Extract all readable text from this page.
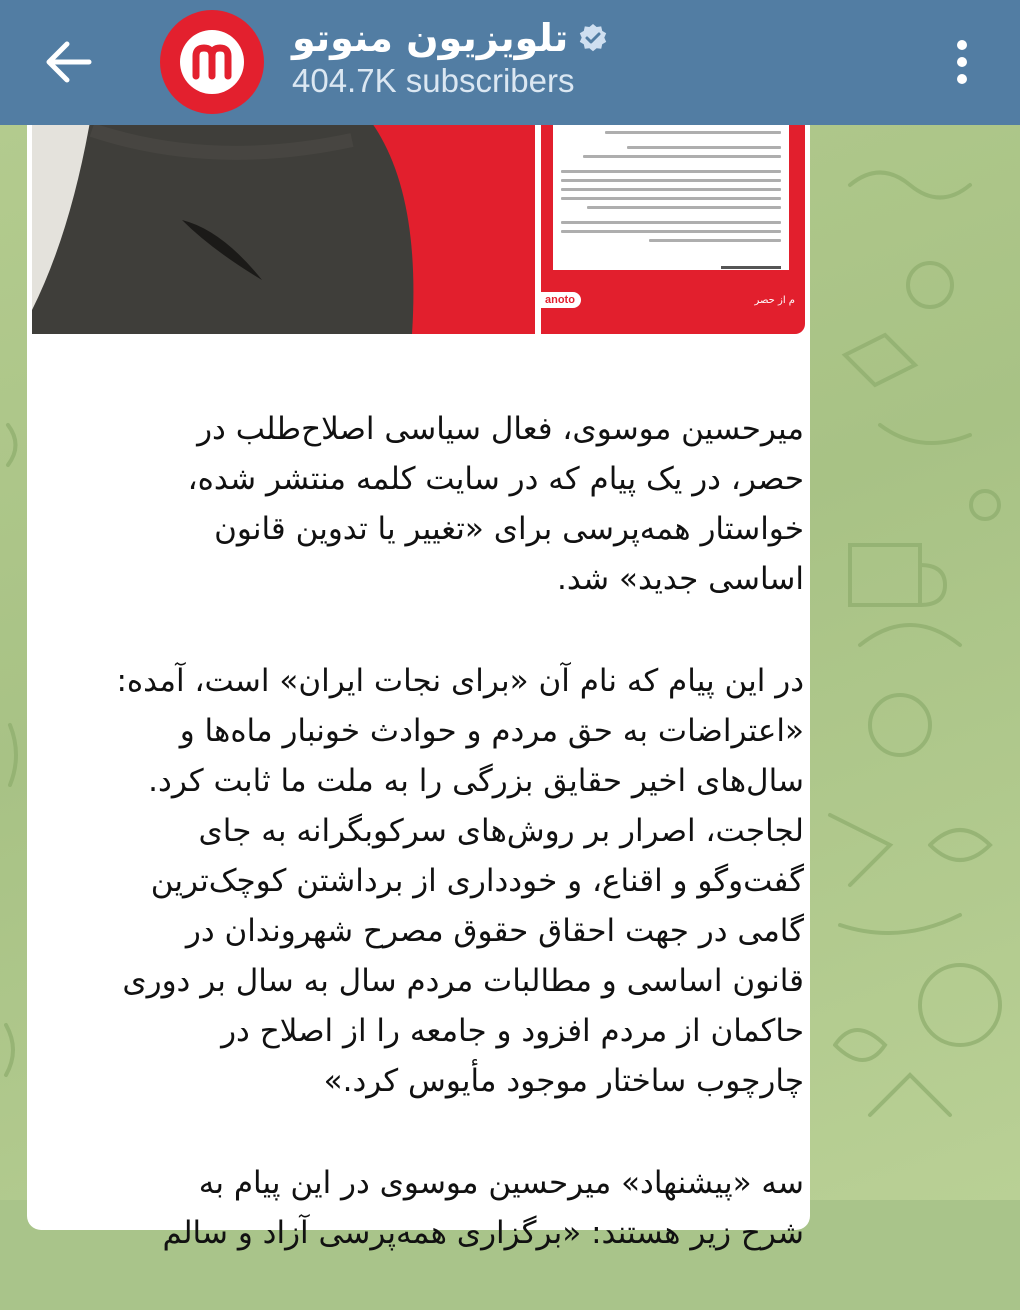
تلویزیون منوتو
404.7K subscribers
anoto	م از حصر

میرحسین موسوی، فعال سیاسی اصلاح‌طلب در
حصر، در یک پیام که در سایت کلمه منتشر شده،
خواستار همه‌پرسی برای «تغییر یا تدوین قانون
اساسی جدید» شد.

در این پیام که نام آن «برای نجات ایران» است، آمده:
«اعتراضات به حق مردم و حوادث خونبار ماه‌ها و
سال‌های اخیر حقایق بزرگی را به ملت ما ثابت کرد.
لجاجت، اصرار بر روش‌های سرکوبگرانه به جای
گفت‌وگو و اقناع، و خودداری از برداشتن کوچک‌ترین
گامی در جهت احقاق حقوق مصرح شهروندان در
قانون اساسی و مطالبات مردم سال به سال بر دوری
حاکمان از مردم افزود و جامعه را از اصلاح در
چارچوب ساختار موجود مأیوس کرد.»

سه «پیشنهاد» میرحسین موسوی در این پیام به
شرح زیر هستند: «برگزاری همه‌پرسی آزاد و سالم
